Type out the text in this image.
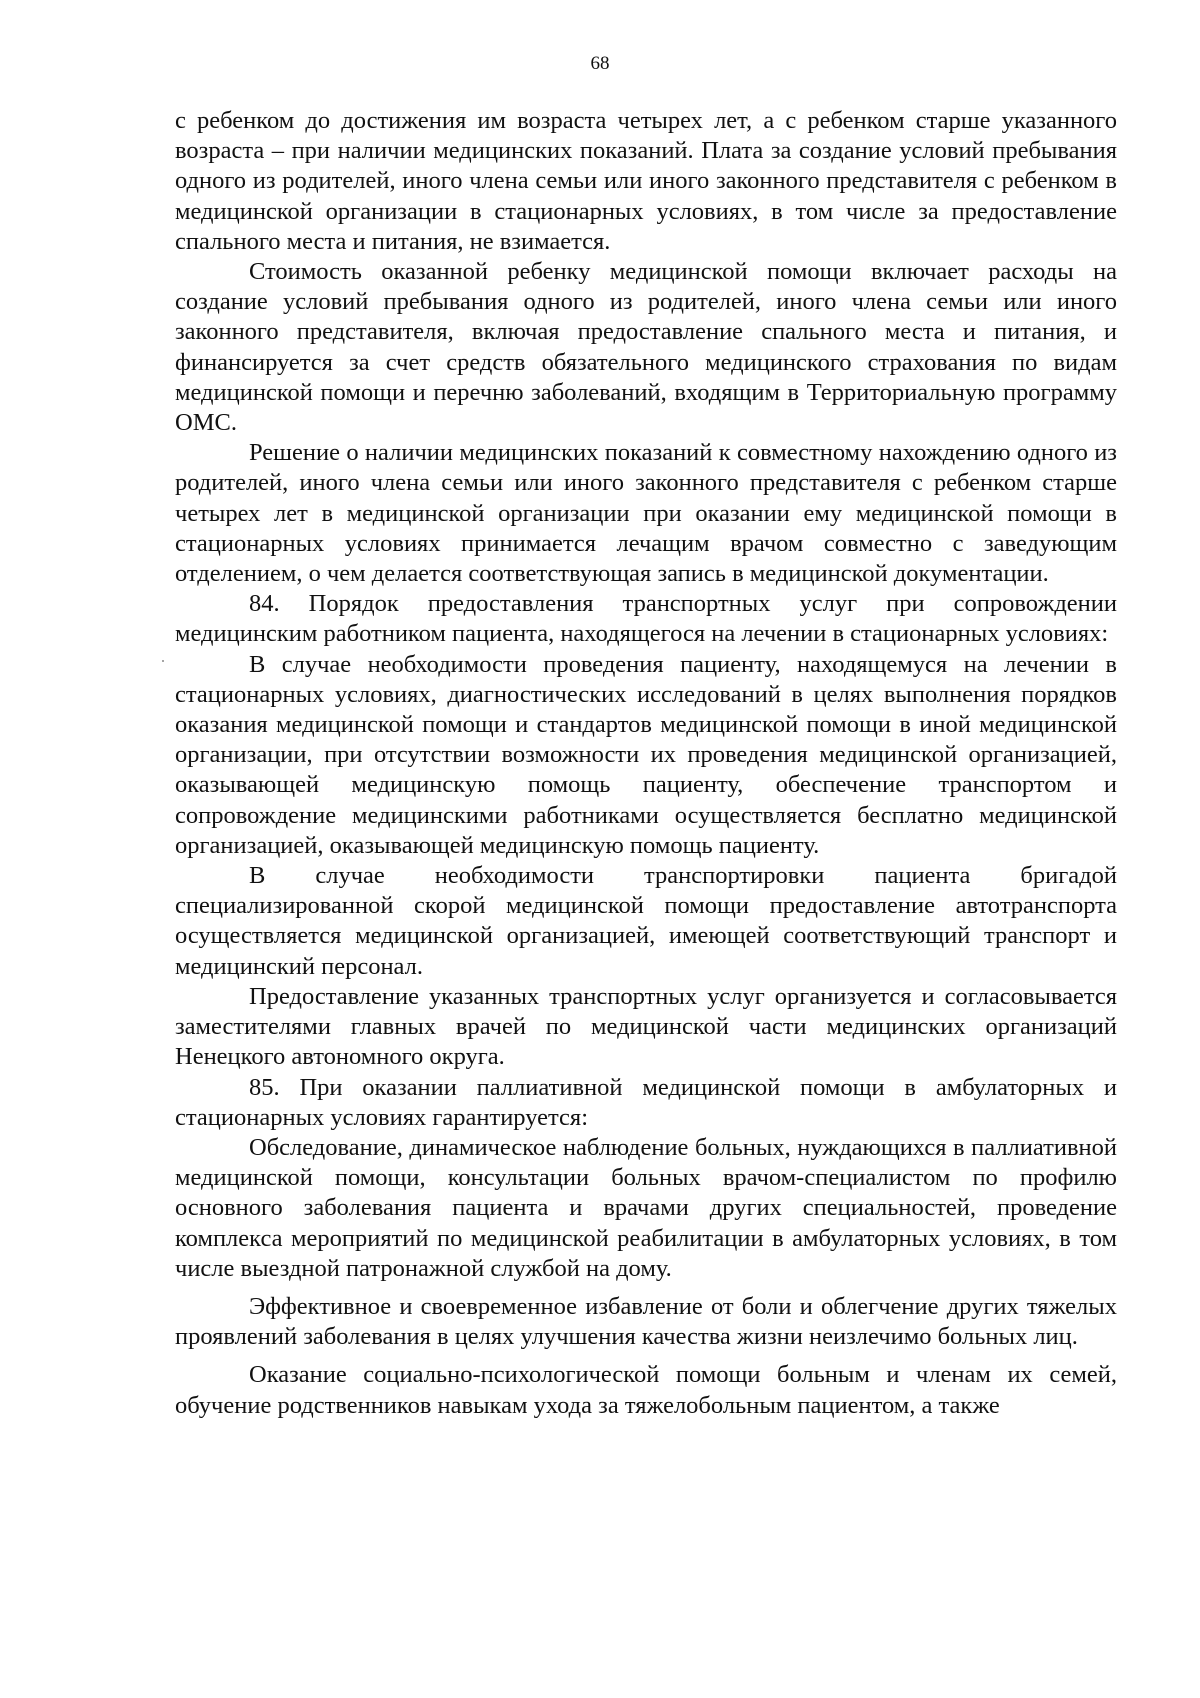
68

с ребенком до достижения им возраста четырех лет, а с ребенком старше указанного возраста – при наличии медицинских показаний. Плата за создание условий пребывания одного из родителей, иного члена семьи или иного законного представителя с ребенком в медицинской организации в стационарных условиях, в том числе за предоставление спального места и питания, не взимается.

Стоимость оказанной ребенку медицинской помощи включает расходы на создание условий пребывания одного из родителей, иного члена семьи или иного законного представителя, включая предоставление спального места и питания, и финансируется за счет средств обязательного медицинского страхования по видам медицинской помощи и перечню заболеваний, входящим в Территориальную программу ОМС.

Решение о наличии медицинских показаний к совместному нахождению одного из родителей, иного члена семьи или иного законного представителя с ребенком старше четырех лет в медицинской организации при оказании ему медицинской помощи в стационарных условиях принимается лечащим врачом совместно с заведующим отделением, о чем делается соответствующая запись в медицинской документации.

84. Порядок предоставления транспортных услуг при сопровождении медицинским работником пациента, находящегося на лечении в стационарных условиях:

В случае необходимости проведения пациенту, находящемуся на лечении в стационарных условиях, диагностических исследований в целях выполнения порядков оказания медицинской помощи и стандартов медицинской помощи в иной медицинской организации, при отсутствии возможности их проведения медицинской организацией, оказывающей медицинскую помощь пациенту, обеспечение транспортом и сопровождение медицинскими работниками осуществляется бесплатно медицинской организацией, оказывающей медицинскую помощь пациенту.

В случае необходимости транспортировки пациента бригадой специализированной скорой медицинской помощи предоставление автотранспорта осуществляется медицинской организацией, имеющей соответствующий транспорт и медицинский персонал.

Предоставление указанных транспортных услуг организуется и согласовывается заместителями главных врачей по медицинской части медицинских организаций Ненецкого автономного округа.

85. При оказании паллиативной медицинской помощи в амбулаторных и стационарных условиях гарантируется:

Обследование, динамическое наблюдение больных, нуждающихся в паллиативной медицинской помощи, консультации больных врачом-специалистом по профилю основного заболевания пациента и врачами других специальностей, проведение комплекса мероприятий по медицинской реабилитации в амбулаторных условиях, в том числе выездной патронажной службой на дому.

Эффективное и своевременное избавление от боли и облегчение других тяжелых проявлений заболевания в целях улучшения качества жизни неизлечимо больных лиц.

Оказание социально-психологической помощи больным и членам их семей, обучение родственников навыкам ухода за тяжелобольным пациентом, а также
